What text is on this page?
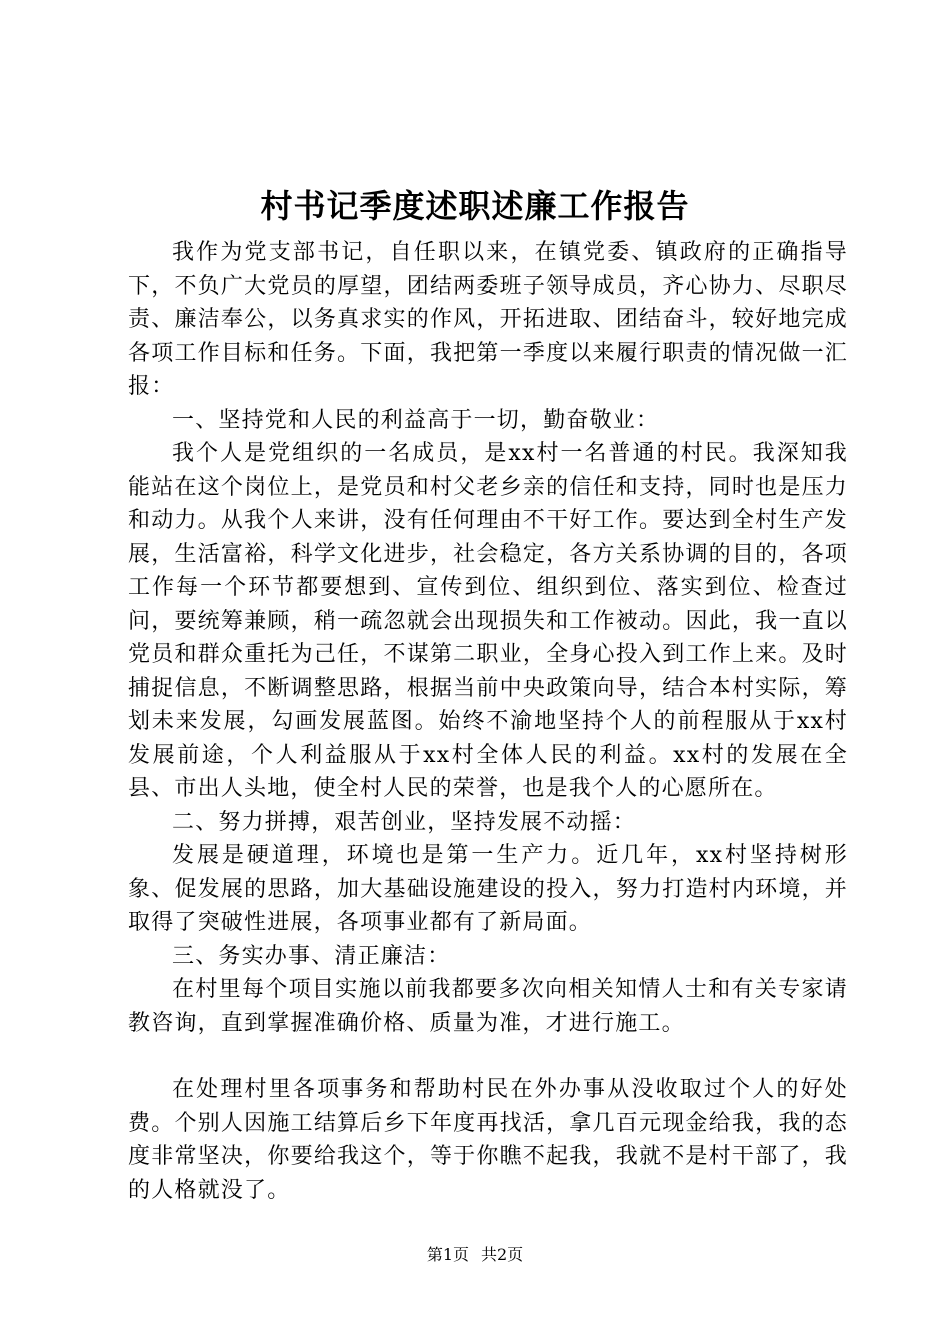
村书记季度述职述廉工作报告

我作为党支部书记，自任职以来，在镇党委、镇政府的正确指导下，不负广大党员的厚望，团结两委班子领导成员，齐心协力、尽职尽责、廉洁奉公，以务真求实的作风，开拓进取、团结奋斗，较好地完成各项工作目标和任务。下面，我把第一季度以来履行职责的情况做一汇报：

一、坚持党和人民的利益高于一切，勤奋敬业：

我个人是党组织的一名成员，是xx村一名普通的村民。我深知我能站在这个岗位上，是党员和村父老乡亲的信任和支持，同时也是压力和动力。从我个人来讲，没有任何理由不干好工作。要达到全村生产发展，生活富裕，科学文化进步，社会稳定，各方关系协调的目的，各项工作每一个环节都要想到、宣传到位、组织到位、落实到位、检查过问，要统筹兼顾，稍一疏忽就会出现损失和工作被动。因此，我一直以党员和群众重托为己任，不谋第二职业，全身心投入到工作上来。及时捕捉信息，不断调整思路，根据当前中央政策向导，结合本村实际，筹划未来发展，勾画发展蓝图。始终不渝地坚持个人的前程服从于xx村发展前途，个人利益服从于xx村全体人民的利益。xx村的发展在全县、市出人头地，使全村人民的荣誉，也是我个人的心愿所在。

二、努力拼搏，艰苦创业，坚持发展不动摇：

发展是硬道理，环境也是第一生产力。近几年，xx村坚持树形象、促发展的思路，加大基础设施建设的投入，努力打造村内环境，并取得了突破性进展，各项事业都有了新局面。

三、务实办事、清正廉洁：

在村里每个项目实施以前我都要多次向相关知情人士和有关专家请教咨询，直到掌握准确价格、质量为准，才进行施工。

在处理村里各项事务和帮助村民在外办事从没收取过个人的好处费。个别人因施工结算后乡下年度再找活，拿几百元现金给我，我的态度非常坚决，你要给我这个，等于你瞧不起我，我就不是村干部了，我的人格就没了。

第1页 共2页
